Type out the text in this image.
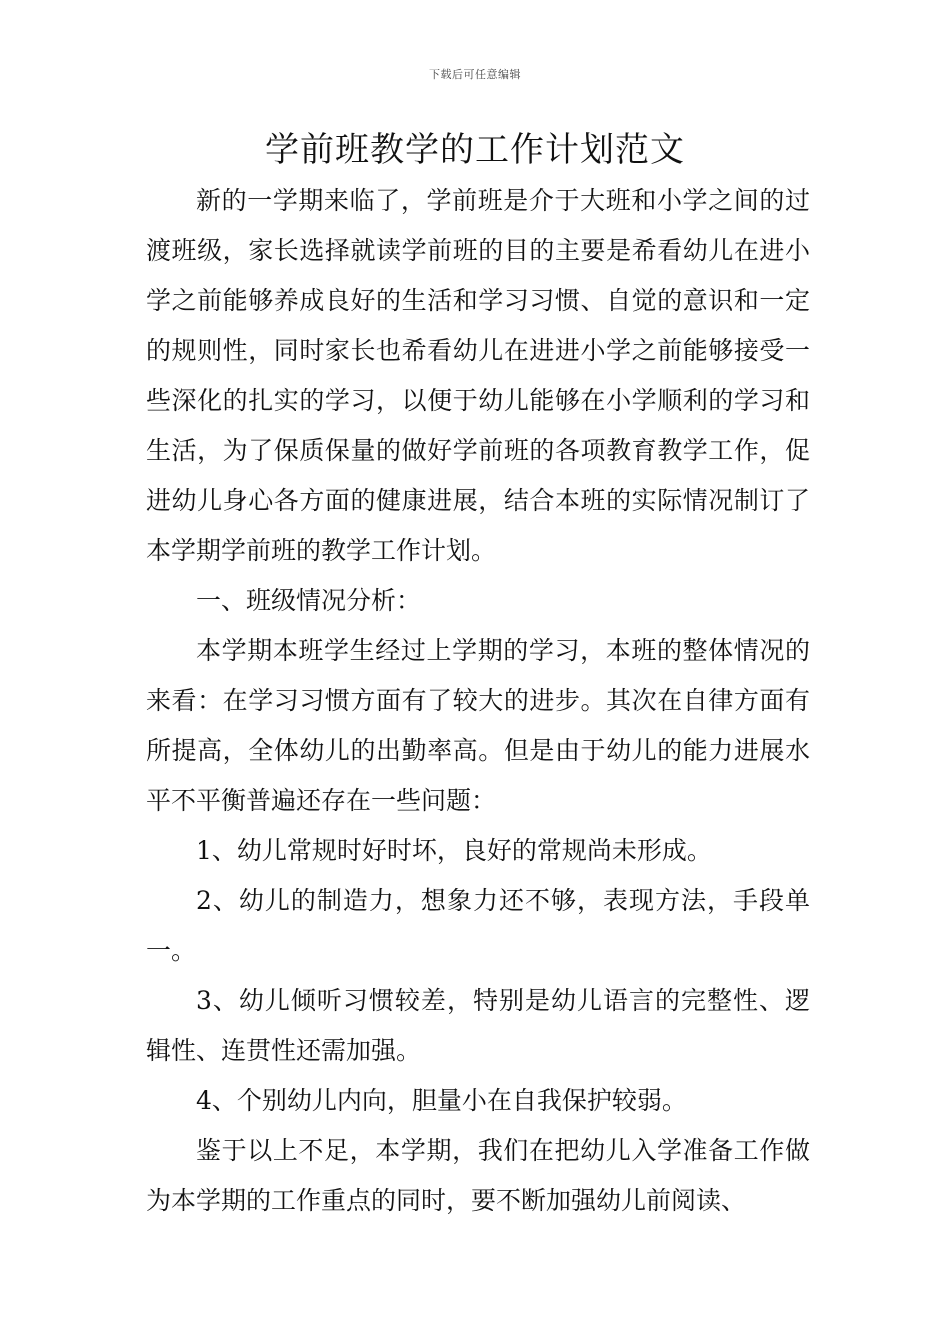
下载后可任意编辑
学前班教学的工作计划范文

新的一学期来临了，学前班是介于大班和小学之间的过渡班级，家长选择就读学前班的目的主要是希看幼儿在进小学之前能够养成良好的生活和学习习惯、自觉的意识和一定的规则性，同时家长也希看幼儿在进进小学之前能够接受一些深化的扎实的学习，以便于幼儿能够在小学顺利的学习和生活，为了保质保量的做好学前班的各项教育教学工作，促进幼儿身心各方面的健康进展，结合本班的实际情况制订了本学期学前班的教学工作计划。

一、班级情况分析：

本学期本班学生经过上学期的学习，本班的整体情况的来看：在学习习惯方面有了较大的进步。其次在自律方面有所提高，全体幼儿的出勤率高。但是由于幼儿的能力进展水平不平衡普遍还存在一些问题：

1、幼儿常规时好时坏，良好的常规尚未形成。

2、幼儿的制造力，想象力还不够，表现方法，手段单一。

3、幼儿倾听习惯较差，特别是幼儿语言的完整性、逻辑性、连贯性还需加强。

4、个别幼儿内向，胆量小在自我保护较弱。

鉴于以上不足，本学期，我们在把幼儿入学准备工作做为本学期的工作重点的同时，要不断加强幼儿前阅读、
